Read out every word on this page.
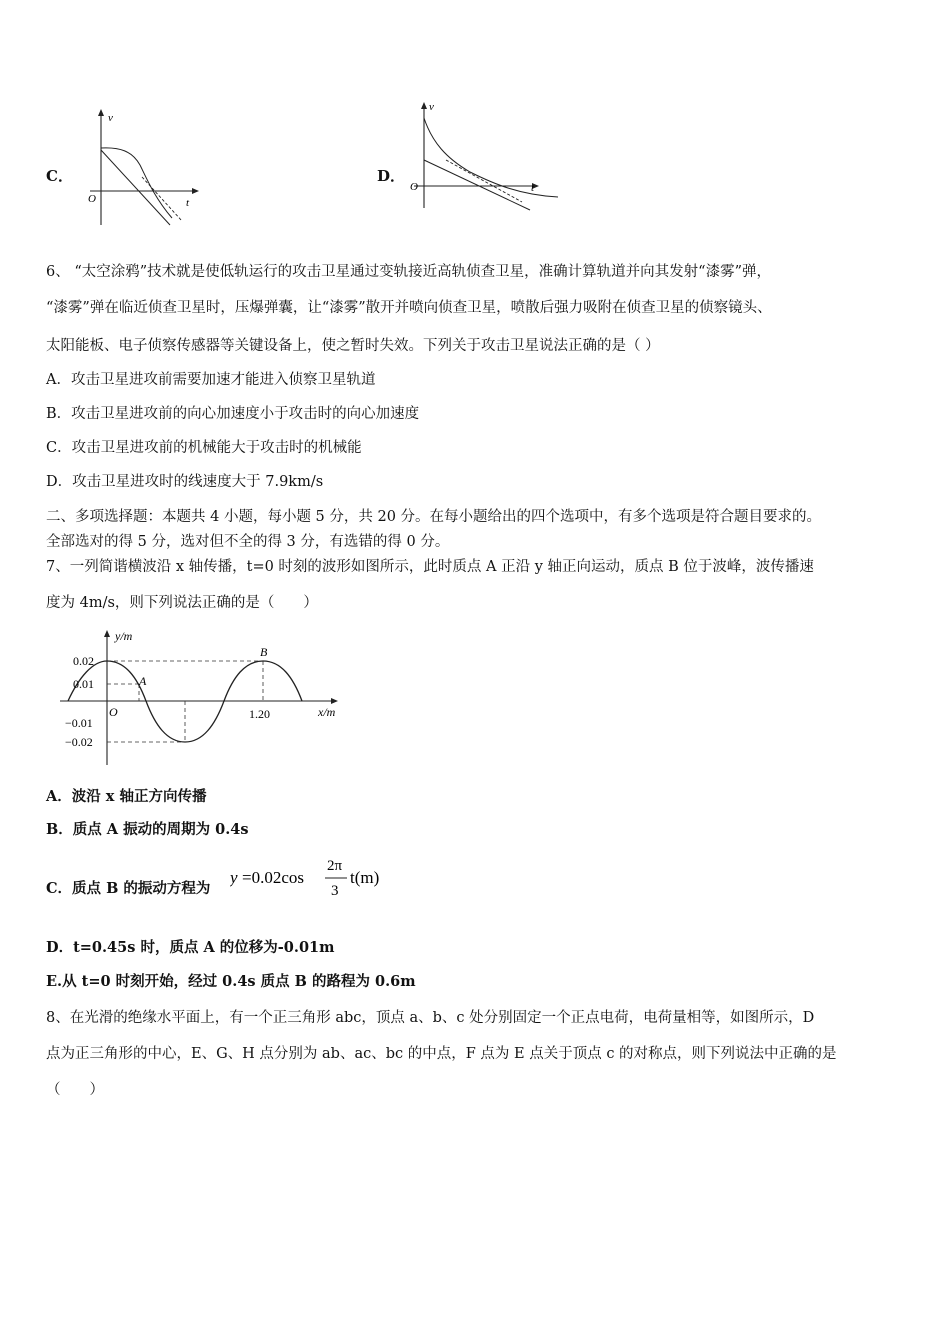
C．
v
O	t
D．
v
O	t
6、 “太空涂鸦”技术就是使低轨运行的攻击卫星通过变轨接近高轨侦查卫星，准确计算轨道并向其发射“漆雾”弹，
“漆雾”弹在临近侦查卫星时，压爆弹囊，让“漆雾”散开并喷向侦查卫星，喷散后强力吸附在侦查卫星的侦察镜头、
太阳能板、电子侦察传感器等关键设备上，使之暂时失效。下列关于攻击卫星说法正确的是（ ）
A．攻击卫星进攻前需要加速才能进入侦察卫星轨道
B．攻击卫星进攻前的向心加速度小于攻击时的向心加速度
C．攻击卫星进攻前的机械能大于攻击时的机械能
D．攻击卫星进攻时的线速度大于 7.9km/s
二、多项选择题：本题共 4 小题，每小题 5 分，共 20 分。在每小题给出的四个选项中，有多个选项是符合题目要求的。
全部选对的得 5 分，选对但不全的得 3 分，有选错的得 0 分。
7、一列简谐横波沿 x 轴传播，t=0 时刻的波形如图所示，此时质点 A 正沿 y 轴正向运动，质点 B 位于波峰，波传播速
度为 4m/s，则下列说法正确的是（　　）
y/m
0.02
0.01
−0.01
−0.02
O	1.20	x/m
A
B
A．波沿 x 轴正方向传播
B．质点 A 振动的周期为 0.4s
C．质点 B 的振动方程为
y =0.02cos
2π
3
t(m)
D．t=0.45s 时，质点 A 的位移为-0.01m
E.从 t=0 时刻开始，经过 0.4s 质点 B 的路程为 0.6m
8、在光滑的绝缘水平面上，有一个正三角形 abc，顶点 a、b、c 处分别固定一个正点电荷，电荷量相等，如图所示，D
点为正三角形的中心，E、G、H 点分别为 ab、ac、bc 的中点，F 点为 E 点关于顶点 c 的对称点，则下列说法中正确的是
（　　）
